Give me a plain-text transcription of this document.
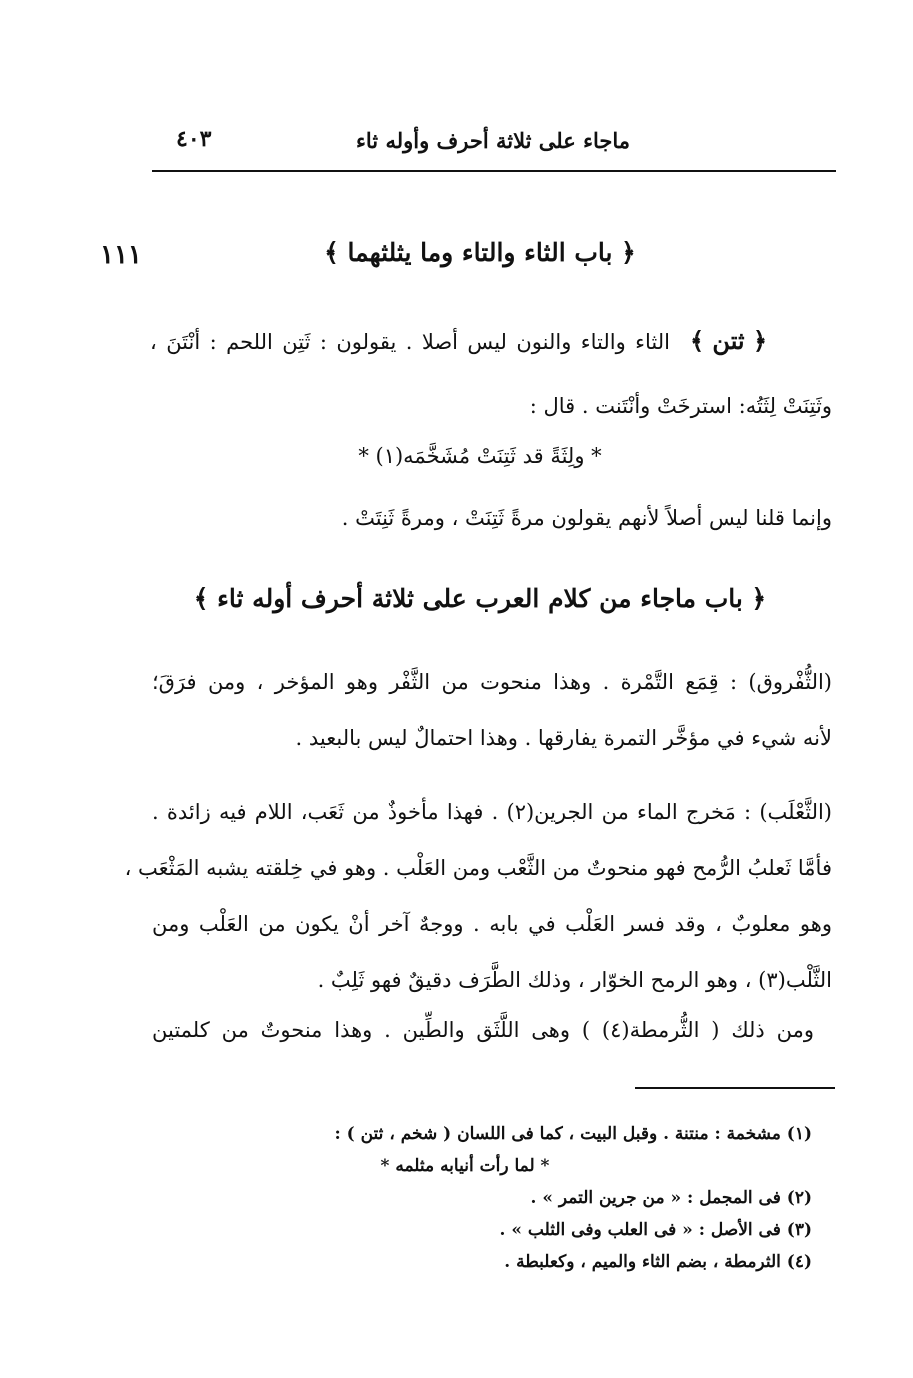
ماجاء على ثلاثة أحرف وأوله ثاء
٤٠٣
١١١	﴿ باب الثاء والتاء وما يثلثهما ﴾
﴿ ثتن ﴾
الثاء والتاء والنون ليس أصلا . يقولون : ثَتِن اللحم : أنْتَنَ ،
وثَتِنَتْ لِثَتُه: استرخَتْ وأنْتَنت . قال :
* ولِثَةً قد ثَتِنَتْ مُشَخَّمَه(١) *
وإنما قلنا ليس أصلاً لأنهم يقولون مرةً ثَتِنَتْ ، ومرةً ثَنِتَتْ .
﴿ باب ماجاء من كلام العرب على ثلاثة أحرف أوله ثاء ﴾
(الثُّفْروق) : قِمَع التَّمْرة . وهذا منحوت من الثَّفْر وهو المؤخر ، ومن فرَقَ؛
لأنه شيء في مؤخَّر التمرة يفارقها . وهذا احتمالٌ ليس بالبعيد .
(الثَّعْلَب) : مَخرج الماء من الجرين(٢) . فهذا مأخوذٌ من ثَعَب، اللام فيه زائدة .
فأمَّا ثَعلبُ الرُّمح فهو منحوتٌ من الثَّعْب ومن العَلْب . وهو في خِلقته يشبه المَثْعَب ،
وهو معلوبٌ ، وقد فسر العَلْب في بابه . ووجهٌ آخر أنْ يكون من العَلْب ومن
الثَّلْب(٣) ، وهو الرمح الخوّار ، وذلك الطَّرَف دقيقٌ فهو ثَلِبٌ .
ومن ذلك ( الثُّرمطة(٤) ) وهى اللَّثَق والطِّين . وهذا منحوتٌ من كلمتين
(١) مشخمة : منتنة . وقبل البيت ، كما فى اللسان ( شخم ، ثتن ) :
* لما رأت أنيابه مثلمه *
(٢) فى المجمل : « من جرين التمر » .
(٣) فى الأصل : « فى العلب وفى الثلب » .
(٤) الثرمطة ، بضم الثاء والميم ، وكعلبطة .
